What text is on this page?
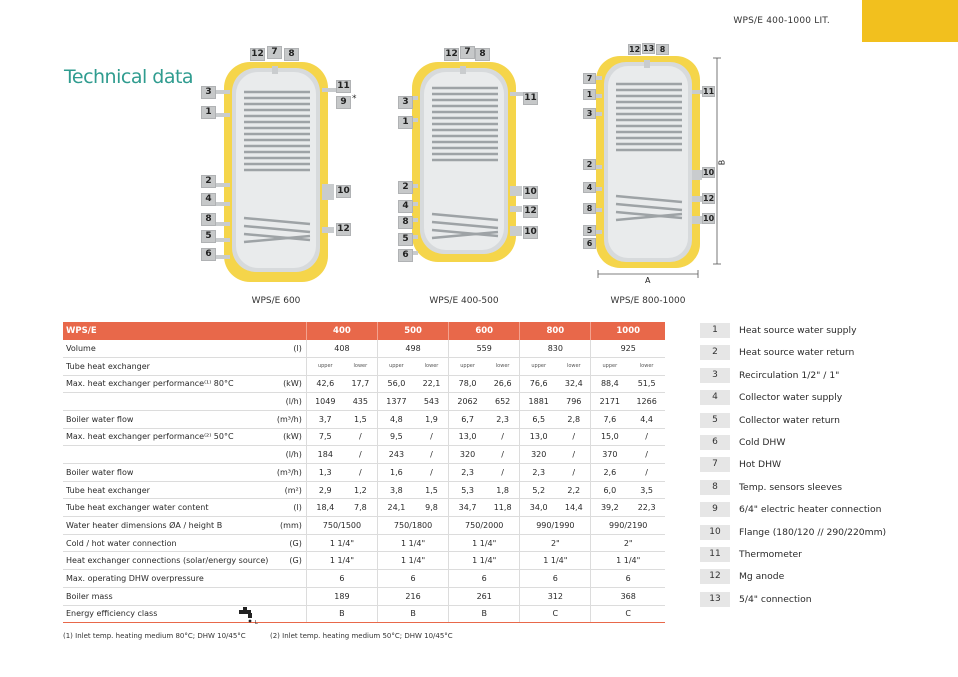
WPS/E 400-1000 LIT.
Technical data
12 7	8
3
1
11
9 *
10
2
4
8
5
12
6
WPS/E 600
12 7 8
3
1
11
2	10
4	12
8
10
5
6
WPS/E 400-500
12 13 8
7
1
3
11
2
10
4
12
8
10
5
6
A
B
WPS/E 800-1000
WPS/E		400		500		600		800		1000	
Volume	(l)	408		498		559		830		925	
Tube heat exchanger		upper	lower	upper	lower	upper	lower	upper	lower	upper	lower
Max. heat exchanger performance⁽¹⁾ 80°C	(kW)	42,6	17,7	56,0	22,1	78,0	26,6	76,6	32,4	88,4	51,5
	(l/h)	1049	435	1377	543	2062	652	1881	796	2171	1266
Boiler water flow	(m³/h)	3,7	1,5	4,8	1,9	6,7	2,3	6,5	2,8	7,6	4,4
Max. heat exchanger performance⁽²⁾ 50°C	(kW)	7,5	/	9,5	/	13,0	/	13,0	/	15,0	/
	(l/h)	184	/	243	/	320	/	320	/	370	/
Boiler water flow	(m³/h)	1,3	/	1,6	/	2,3	/	2,3	/	2,6	/
Tube heat exchanger	(m²)	2,9	1,2	3,8	1,5	5,3	1,8	5,2	2,2	6,0	3,5
Tube heat exchanger water content	(l)	18,4	7,8	24,1	9,8	34,7	11,8	34,0	14,4	39,2	22,3
Water heater dimensions ØA / height B	(mm)	750/1500		750/1800		750/2000		990/1990		990/2190	
Cold / hot water connection	(G)	1 1/4"		1 1/4"		1 1/4"		2"		2"	
Heat exchanger connections (solar/energy source)	(G)	1 1/4"		1 1/4"		1 1/4"		1 1/4"		1 1/4"	
Max. operating DHW overpressure		6		6		6		6		6	
Boiler mass		189		216		261		312		368	
Energy efficiency class		B		B		B		C		C	
L
(1) Inlet temp. heating medium 80°C; DHW 10/45°C	(2) Inlet temp. heating medium 50°C; DHW 10/45°C
1	Heat source water supply
2	Heat source water return
3	Recirculation 1/2" / 1"
4	Collector water supply
5	Collector water return
6	Cold DHW
7	Hot DHW
8	Temp. sensors sleeves
9	6/4" electric heater connection
10	Flange (180/120 // 290/220mm)
11	Thermometer
12	Mg anode
13	5/4" connection
